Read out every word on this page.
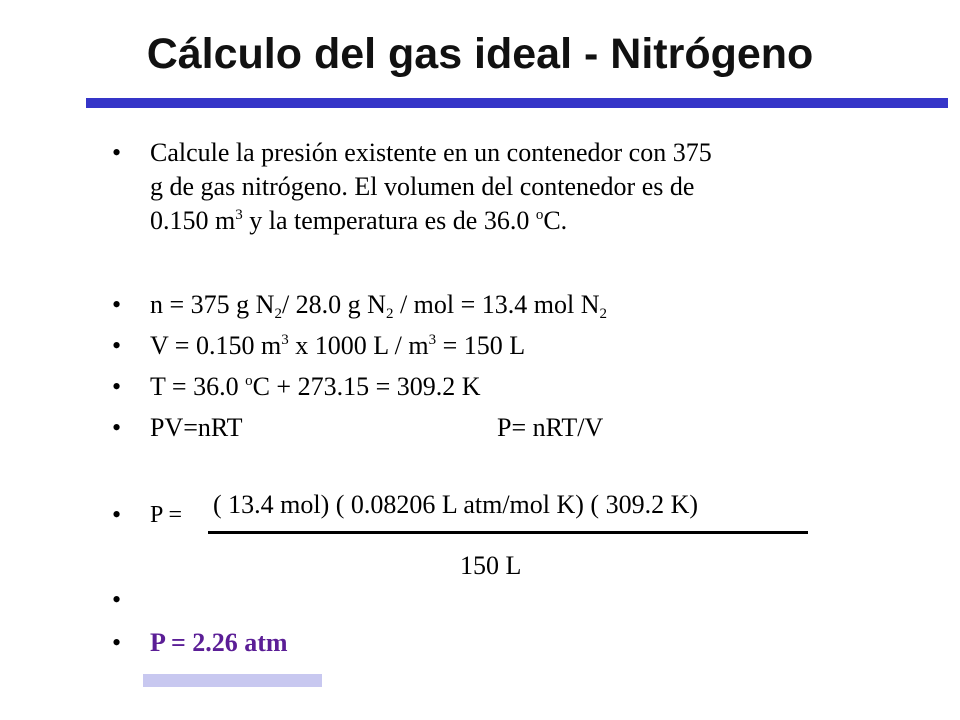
Cálculo del gas ideal - Nitrógeno
• Calcule la presión existente en un contenedor con 375
g de gas nitrógeno. El volumen del contenedor es de
0.150 $m^3$ y la temperatura es de 36.0 $^o$C.
• n = 375 g $N_2/$ 28.0 g $N_2$ / mol = 13.4 mol $N_2$
• V = 0.150 $m^3$ x 1000 $L / m^3 = 150$ L
• T = 36.0 $^o$C + 273.15 = 309.2 K
• PV=nRT	P= nRT/V
• P = ( 13.4 mol) ( 0.08206 L atm/mol K) ( 309.2 K)
150 L
•
• P = 2.26 atm
